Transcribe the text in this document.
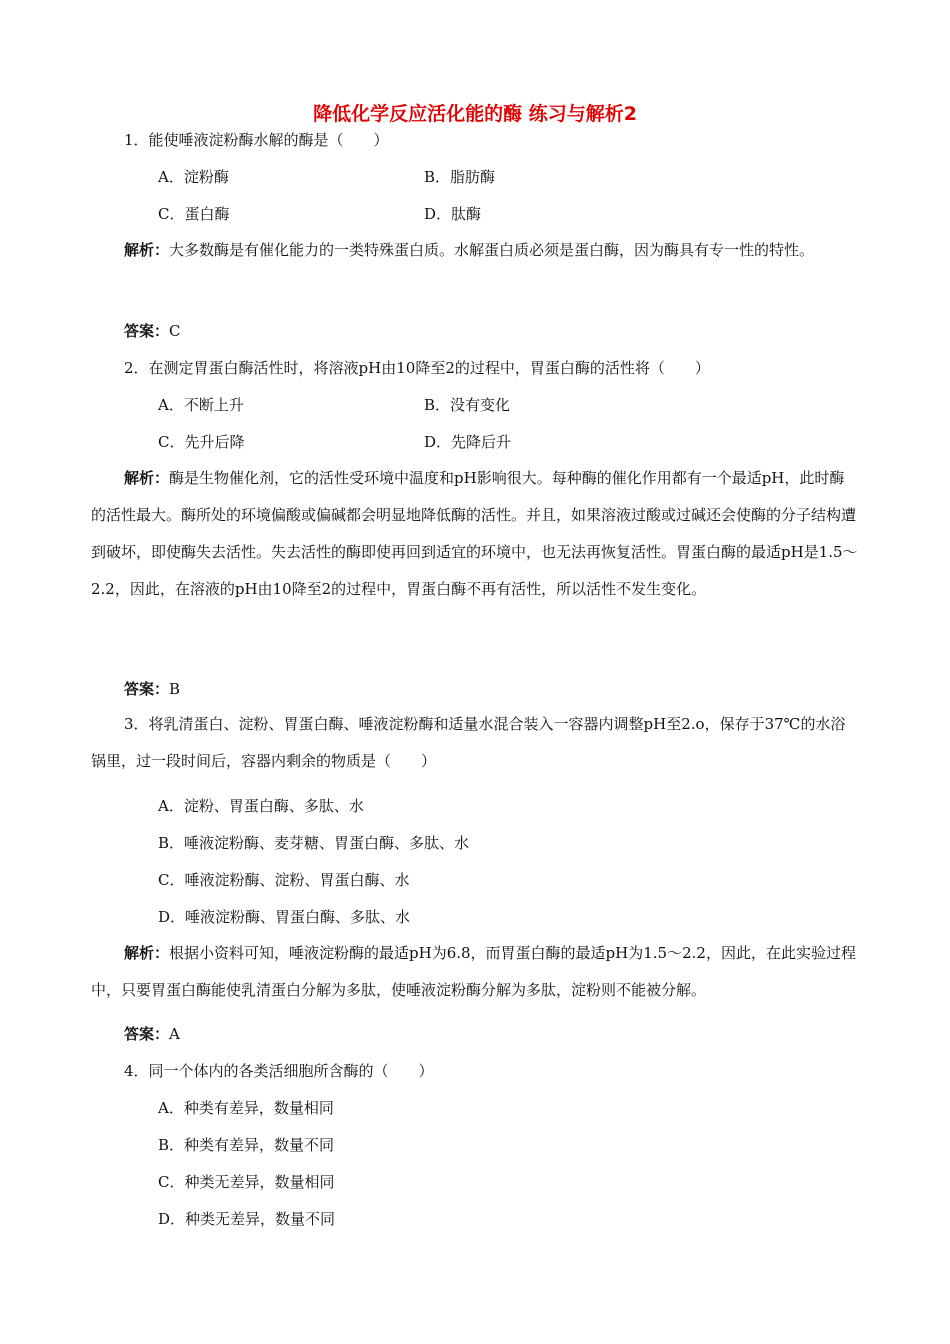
降低化学反应活化能的酶 练习与解析2
1．能使唾液淀粉酶水解的酶是（　　）
A．淀粉酶	B．脂肪酶
C．蛋白酶	D．肽酶
解析：大多数酶是有催化能力的一类特殊蛋白质。水解蛋白质必须是蛋白酶，因为酶具有专一性的特性。
答案：C
2．在测定胃蛋白酶活性时，将溶液pH由10降至2的过程中，胃蛋白酶的活性将（　　）
A．不断上升	B．没有变化
C．先升后降	D．先降后升
解析：酶是生物催化剂，它的活性受环境中温度和pH影响很大。每种酶的催化作用都有一个最适pH，此时酶的活性最大。酶所处的环境偏酸或偏碱都会明显地降低酶的活性。并且，如果溶液过酸或过碱还会使酶的分子结构遭到破坏，即使酶失去活性。失去活性的酶即使再回到适宜的环境中，也无法再恢复活性。胃蛋白酶的最适pH是1.5～2.2，因此，在溶液的pH由10降至2的过程中，胃蛋白酶不再有活性，所以活性不发生变化。
答案：B
3．将乳清蛋白、淀粉、胃蛋白酶、唾液淀粉酶和适量水混合装入一容器内调整pH至2.o，保存于37℃的水浴锅里，过一段时间后，容器内剩余的物质是（　　）
A．淀粉、胃蛋白酶、多肽、水
B．唾液淀粉酶、麦芽糖、胃蛋白酶、多肽、水
C．唾液淀粉酶、淀粉、胃蛋白酶、水
D．唾液淀粉酶、胃蛋白酶、多肽、水
解析：根据小资料可知，唾液淀粉酶的最适pH为6.8，而胃蛋白酶的最适pH为1.5～2.2，因此，在此实验过程中，只要胃蛋白酶能使乳清蛋白分解为多肽，使唾液淀粉酶分解为多肽，淀粉则不能被分解。
答案：A
4．同一个体内的各类活细胞所含酶的（　　）
A．种类有差异，数量相同
B．种类有差异，数量不同
C．种类无差异，数量相同
D．种类无差异，数量不同
